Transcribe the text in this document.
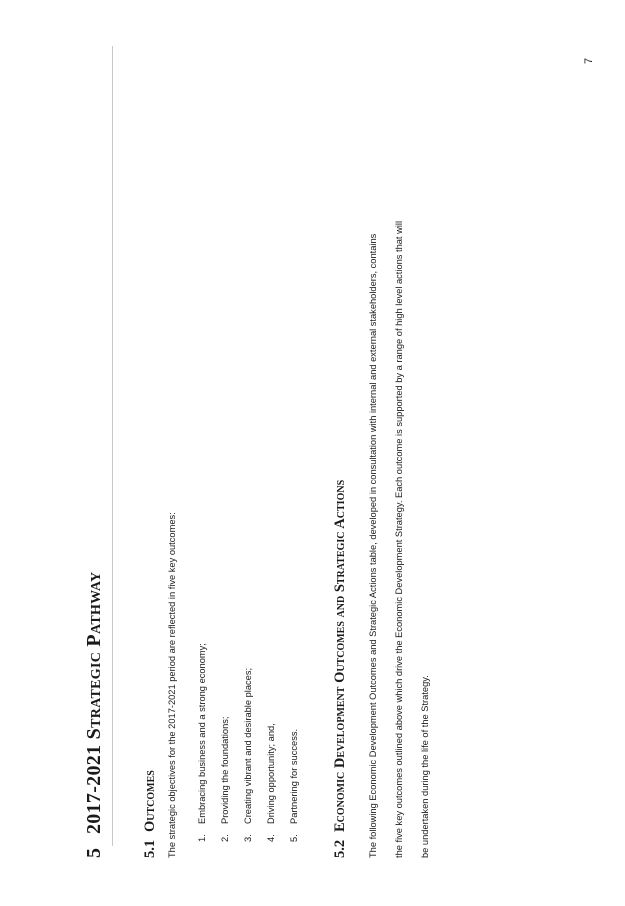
7
52017-2021 Strategic Pathway
5.1Outcomes The strategic objectives for the 2017-2021 period are reflected in five key outcomes: 1.Embracing business and a strong economy;
2.Providing the foundations;
3.Creating vibrant and desirable places;
4.Driving opportunity; and,
5.Partnering for success.
5.2Economic Development Outcomes and Strategic Actions The following Economic Development Outcomes and Strategic Actions table, developed in consultation with internal and external stakeholders, contains the five key outcomes outlined above which drive the Economic Development Strategy. Each outcome is supported by a range of high level actions that will be undertaken during the life of the Strategy.
